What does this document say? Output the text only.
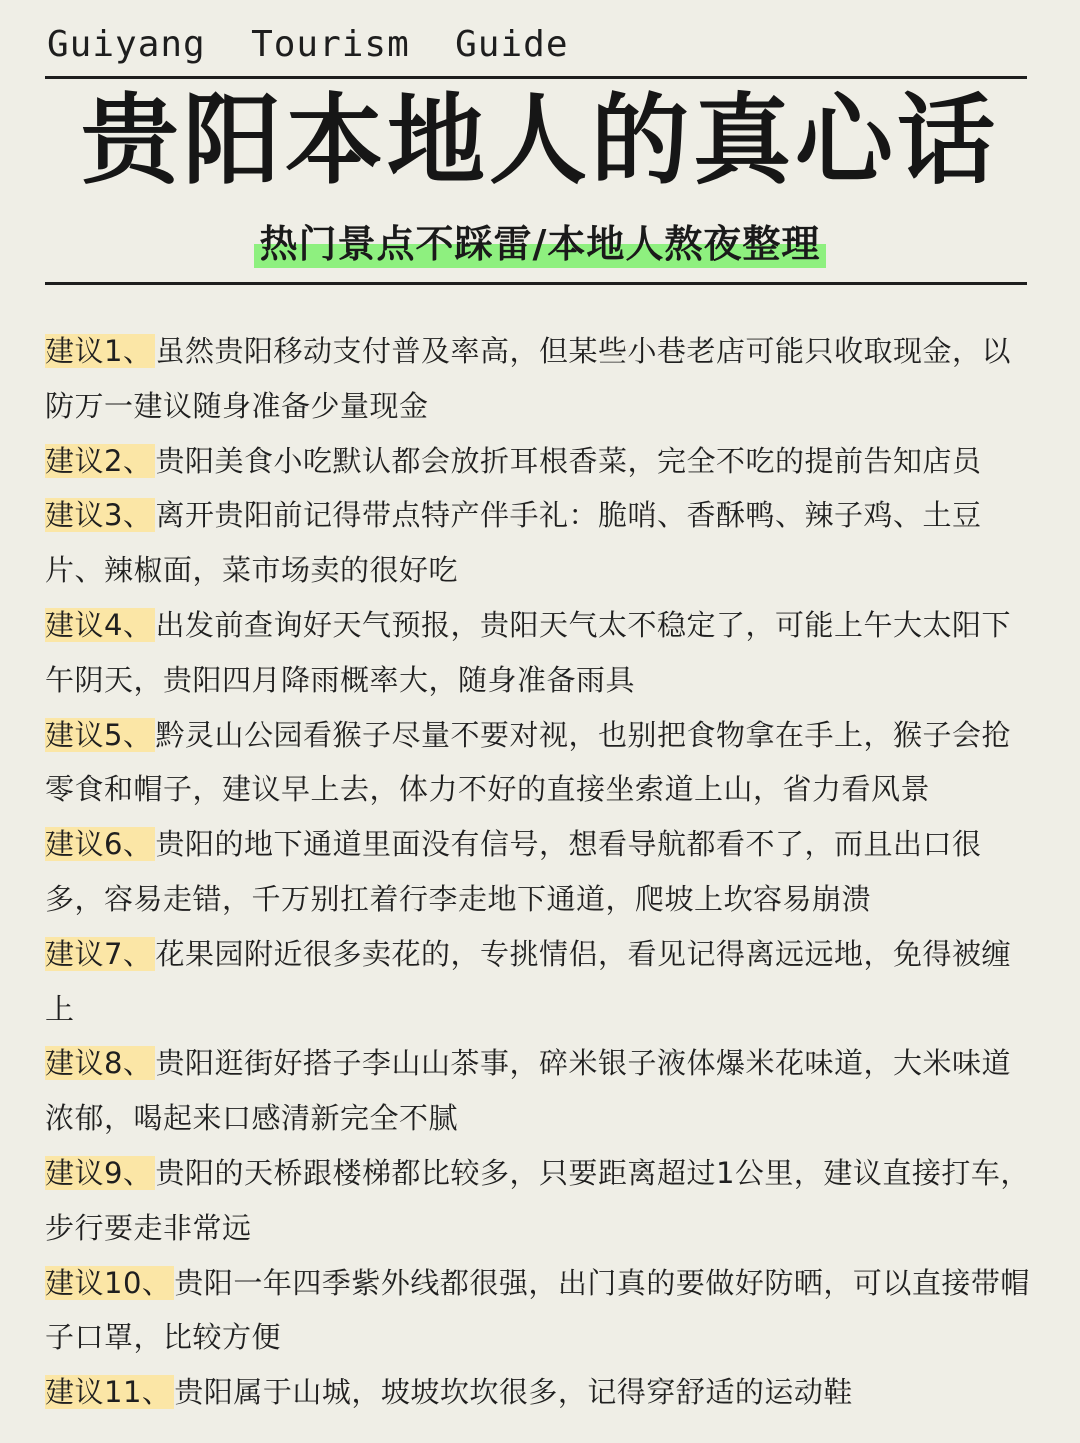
Guiyang  Tourism  Guide
贵阳本地人的真心话
热门景点不踩雷/本地人熬夜整理
建议1、 虽然贵阳移动支付普及率高，但某些小巷老店可能只收取现金，以防万一建议随身准备少量现金
建议2、 贵阳美食小吃默认都会放折耳根香菜，完全不吃的提前告知店员
建议3、 离开贵阳前记得带点特产伴手礼：脆哨、香酥鸭、辣子鸡、土豆片、辣椒面，菜市场卖的很好吃
建议4、 出发前查询好天气预报，贵阳天气太不稳定了，可能上午大太阳下午阴天，贵阳四月降雨概率大，随身准备雨具
建议5、 黔灵山公园看猴子尽量不要对视，也别把食物拿在手上，猴子会抢零食和帽子，建议早上去，体力不好的直接坐索道上山，省力看风景
建议6、 贵阳的地下通道里面没有信号，想看导航都看不了，而且出口很多，容易走错，千万别扛着行李走地下通道，爬坡上坎容易崩溃
建议7、 花果园附近很多卖花的，专挑情侣，看见记得离远远地，免得被缠上
建议8、 贵阳逛街好搭子李山山茶事，碎米银子液体爆米花味道，大米味道浓郁，喝起来口感清新完全不腻
建议9、 贵阳的天桥跟楼梯都比较多，只要距离超过1公里，建议直接打车，步行要走非常远
建议10、 贵阳一年四季紫外线都很强，出门真的要做好防晒，可以直接带帽子口罩，比较方便
建议11、 贵阳属于山城，坡坡坎坎很多，记得穿舒适的运动鞋
